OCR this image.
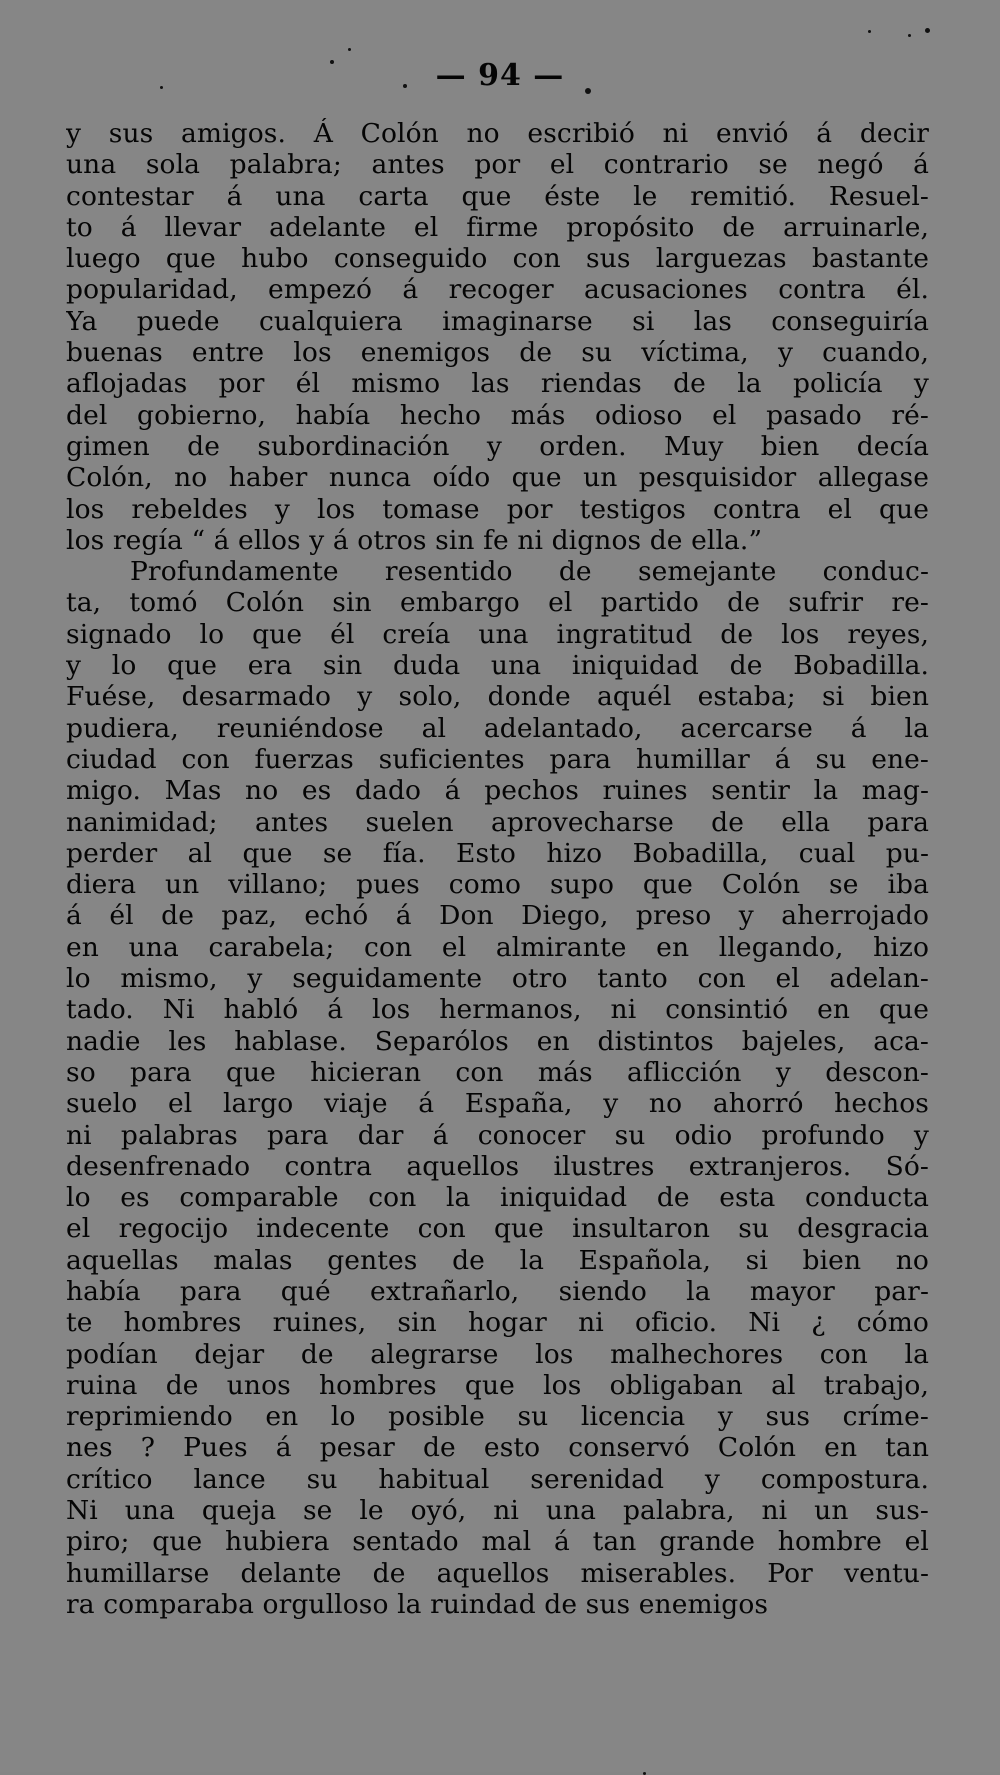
— 94 —
y sus amigos. Á Colón no escribió ni envió á decir
una sola palabra; antes por el contrario se negó á
contestar á una carta que éste le remitió. Resuel-
to á llevar adelante el firme propósito de arruinarle,
luego que hubo conseguido con sus larguezas bastante
popularidad, empezó á recoger acusaciones contra él.
Ya puede cualquiera imaginarse si las conseguiría
buenas entre los enemigos de su víctima, y cuando,
aflojadas por él mismo las riendas de la policía y
del gobierno, había hecho más odioso el pasado ré-
gimen de subordinación y orden. Muy bien decía
Colón, no haber nunca oído que un pesquisidor allegase
los rebeldes y los tomase por testigos contra el que
los regía “ á ellos y á otros sin fe ni dignos de ella.”
Profundamente resentido de semejante conduc-
ta, tomó Colón sin embargo el partido de sufrir re-
signado lo que él creía una ingratitud de los reyes,
y lo que era sin duda una iniquidad de Bobadilla.
Fuése, desarmado y solo, donde aquél estaba; si bien
pudiera, reuniéndose al adelantado, acercarse á la
ciudad con fuerzas suficientes para humillar á su ene-
migo. Mas no es dado á pechos ruines sentir la mag-
nanimidad; antes suelen aprovecharse de ella para
perder al que se fía. Esto hizo Bobadilla, cual pu-
diera un villano; pues como supo que Colón se iba
á él de paz, echó á Don Diego, preso y aherrojado
en una carabela; con el almirante en llegando, hizo
lo mismo, y seguidamente otro tanto con el adelan-
tado. Ni habló á los hermanos, ni consintió en que
nadie les hablase. Separólos en distintos bajeles, aca-
so para que hicieran con más aflicción y descon-
suelo el largo viaje á España, y no ahorró hechos
ni palabras para dar á conocer su odio profundo y
desenfrenado contra aquellos ilustres extranjeros. Só-
lo es comparable con la iniquidad de esta conducta
el regocijo indecente con que insultaron su desgracia
aquellas malas gentes de la Española, si bien no
había para qué extrañarlo, siendo la mayor par-
te hombres ruines, sin hogar ni oficio. Ni ¿ cómo
podían dejar de alegrarse los malhechores con la
ruina de unos hombres que los obligaban al trabajo,
reprimiendo en lo posible su licencia y sus críme-
nes ? Pues á pesar de esto conservó Colón en tan
crítico lance su habitual serenidad y compostura.
Ni una queja se le oyó, ni una palabra, ni un sus-
piro; que hubiera sentado mal á tan grande hombre el
humillarse delante de aquellos miserables. Por ventu-
ra comparaba orgulloso la ruindad de sus enemigos
